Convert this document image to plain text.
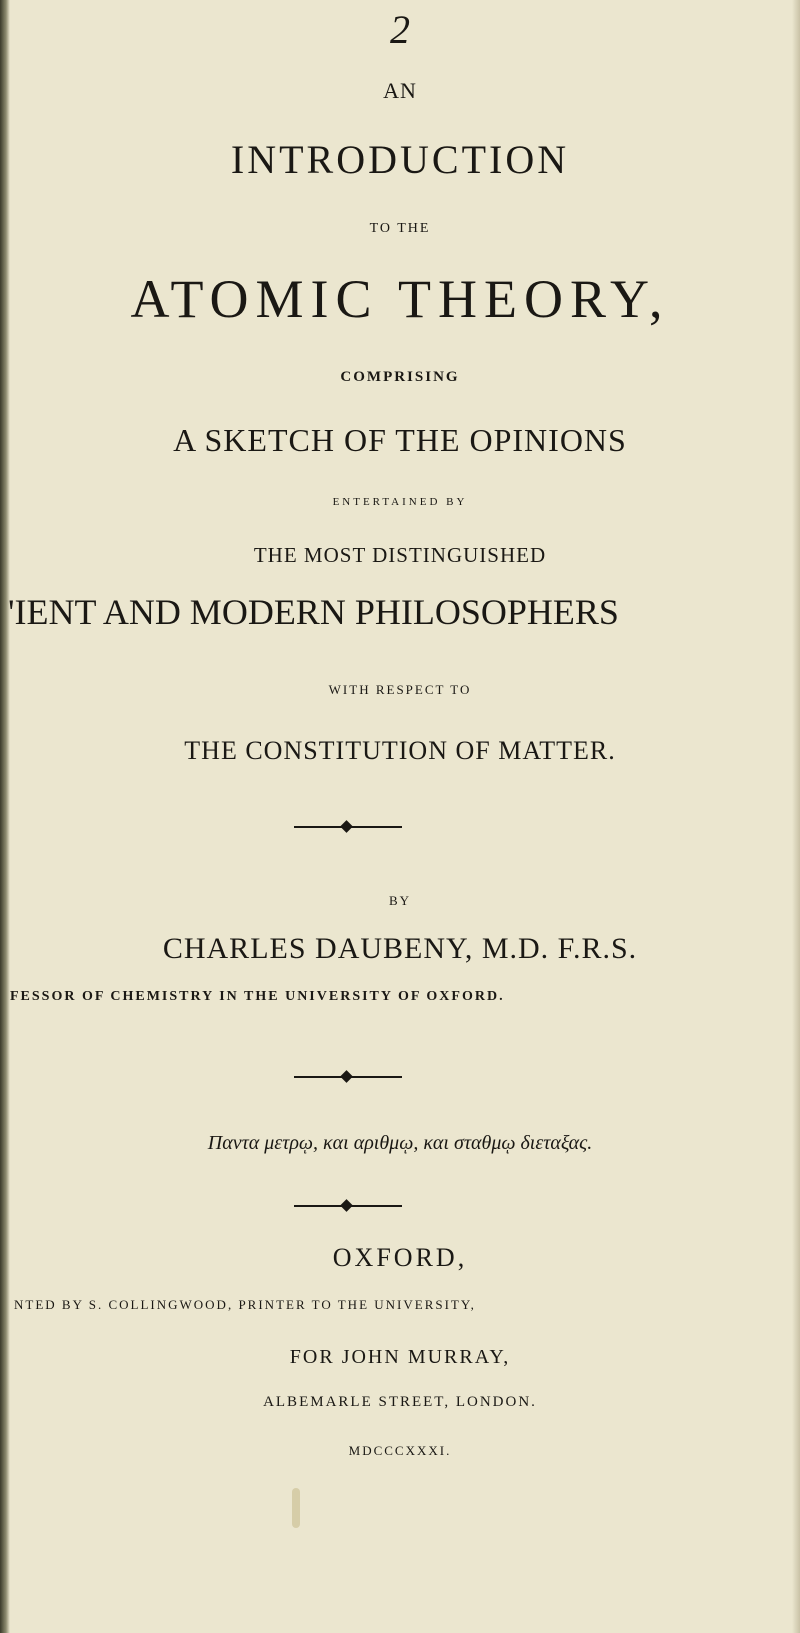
2
AN
INTRODUCTION
TO THE
ATOMIC THEORY,
COMPRISING
A SKETCH OF THE OPINIONS
ENTERTAINED BY
THE MOST DISTINGUISHED
'IENT AND MODERN PHILOSOPHERS
WITH RESPECT TO
THE CONSTITUTION OF MATTER.
BY
CHARLES DAUBENY, M.D. F.R.S.
FESSOR OF CHEMISTRY IN THE UNIVERSITY OF OXFORD.
Παντα μετρῳ, και αριθμῳ, και σταθμῳ διεταξας.
OXFORD,
NTED BY S. COLLINGWOOD, PRINTER TO THE UNIVERSITY,
FOR JOHN MURRAY,
ALBEMARLE STREET, LONDON.
MDCCCXXXI.
